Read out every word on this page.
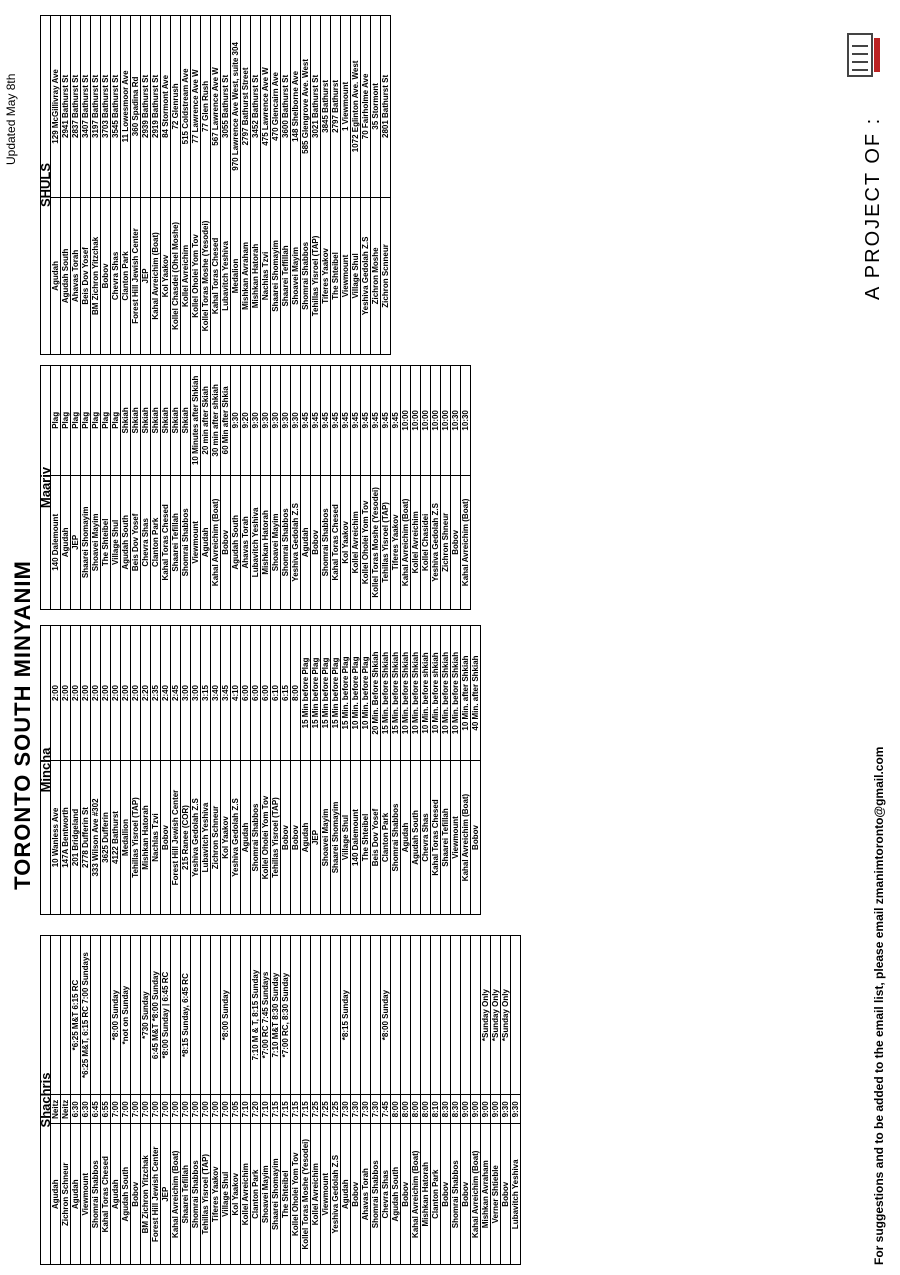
TORONTO SOUTH MINYANIM
Updated May 8th
Shachris		
Agudah	Neitz	
Zichron Schneur	Neitz	
Agudah	6:30	*6:25 M&T 6:15 RC
Viewmount	6:30	*6:25 M&T, 6:15 RC 7:00 Sundays
Shomrai Shabbos	6:45	
Kahal Toras Chesed	6:55	
Agudah	7:00	*8:00 Sunday
Agudah South	7:00	*not on Sunday
Bobov	7:00	
BM Zichron Yitzchak	7:00	*730 Sunday
Forest Hill Jewish Center	7:00	6:45 M&T *8:00 Sunday
JEP	7:00	*8:00 Sunday | 6:45 RC
Kahal Avreichim (Boat)	7:00	
Shaarei Tefillah	7:00	*8:15 Sunday, 6:45 RC
Shomrai Shabbos	7:00	
Tehillas Yisroel (TAP)	7:00	
Tiferes Yaakov	7:00	
Village Shul	7:00	*8:00 Sunday
Kol Yaakov	7:05	
Kollel Avreichim	7:10	
Clanton Park	7:20	7:10 M & T, 8:15 Sunday
Shoavei Mayim	7:10	*7:00 RC 7:45 Sundays
Shaarei Shomayim	7:15	7:10 M&T 8:30 Sunday
The Shteibel	7:15	*7:00 RC, 8:30 Sunday
Kollel Oholei Yom Tov	7:15	
Kollel Toras Moshe (Yesodei)	7:15	
Kollel Avreichim	7:25	
Viewmount	7:25	
Yeshiva Gedolah Z.S	7:25	
Agudah	7:30	*8:15 Sunday
Bobov	7:30	
Ahavas Torah	7:30	
Shomrai Shabbos	7:30	
Chevra Shas	7:45	*8:00 Sunday
Agudah South	8:00	
Bobov	8:00	
Kahal Avreichim (Boat)	8:00	
Mishkan Hatorah	8:00	
Clanton Park	8:10	
Bobov	8:30	
Shomrai Shabbos	8:30	
Bobov	9:00	
Kahal Avreichim (Boat)	9:00	
Mishkan Avraham	9:00	*Sunday Only
Verner Shtieble	9:00	*Sunday Only
Bobov	9:30	*Sunday Only
Lubavitch Yeshiva	9:30	
Mincha	
10 Wanless Ave	2:00
147A Bentworth	2:00
201 Bridgeland	2:00
2778 Dufferin St	2:00
333 Wilson Ave #302	2:00
3625 Dufferin	2:00
4122 Bathurst	2:00
Medallion	2:00
Tehillas Yisroel (TAP)	2:00
Mishkan Hatorah	2:20
Nachlas Tzvi	2:35
Bobov	2:40
Forest Hill Jewish Center	2:45
215 Ranee (COR)	3:00
Yeshiva Gedolah Z.S	3:00
Lubavitch Yeshiva	3:15
Zichron Schneur	3:40
Kol Yaakov	3:45
Yeshiva Gedolah Z.S	4:10
Agudah	6:00
Shomrai Shabbos	6:00
Kollel Oholei Yom Tov	6:00
Tehillas Yisroel (TAP)	6:10
Bobov	6:15
Bobov	8:00
Agudah	15 Min before Plag
JEP	15 Min before Plag
Shoavei Mayim	15 Min before Plag
Shaarei Shomayim	15 Min before Plag
Village Shul	15 Min. before Plag
140 Dalemount	10 Min. before Plag
The Shteibel	10 Min. before Plag
Beis Dov Yosef	20 Min. Before Shkiah
Clanton Park	15 Min. before Shkiah
Shomrai Shabbos	15 Min. before Shkiah
Agudah	10 Min. before Shkiah
Agudah South	10 Min. before Shkiah
Chevra Shas	10 Min. before shkiah
Kahal Toras Chesed	10 Min. before shkiah
Shaarei Tefillah	10 Min. before Shkiah
Viewmount	10 Min. before Shkiah
Kahal Avreichim (Boat)	10 Min. after Shkiah
Bobov	40 Min. after Shkiah
Maariv	
140 Dalemount	Plag
Agudah	Plag
JEP	Plag
Shaarei Shomayim	Plag
Shoavei Mayim	Plag
The Shteibel	Plag
Village Shul	Plag
Agudah South	Shkiah
Beis Dov Yosef	Shkiah
Chevra Shas	Shkiah
Clanton Park	Shkiah
Kahal Toras Chesed	Shkiah
Shaarei Tefillah	Shkiah
Shomrai Shabbos	Shkiah
Viewmount	10 Minutes after Shkiah
Agudah	20 min after Skiah
Kahal Avreichim (Boat)	30 min after shkiah
Bobov	60 Min after Shkia
Agudah South	9:30
Ahavas Torah	9:20
Lubavitch Yeshiva	9:30
Mishkan Hatorah	9:30
Shoavei Mayim	9:30
Shomrai Shabbos	9:30
Yeshiva Gedolah Z.S	9:30
Agudah	9:45
Bobov	9:45
Shomrai Shabbos	9:45
Kahal Toras Chesed	9:45
Kol Yaakov	9:45
Kollel Avreichim	9:45
Kollel Oholei Yom Tov	9:45
Kollel Toras Moshe (Yesodei)	9:45
Tehillas Yisroel (TAP)	9:45
Tiferes Yaakov	9:45
Kahal Avreichim (Boat)	10:00
Kollel Avreichim	10:00
Kollel Chasidei	10:00
Yeshiva Gedolah Z.S	10:00
Zichron Shneur	10:00
Bobov	10:30
Kahal Avreichim (Boat)	10:30
SHULS	
Agudah	129 McGillivray Ave
Agudah South	2941 Bathurst St
Ahavas Torah	2837 Bathurst St
Beis Dov Yosef	3407 Bathurst St
BM Zichron Yitzchak	3197 Bathurst St
Bobov	3703 Bathurst St
Chevra Shas	3545 Bathurst St
Clanton Park	11 Lowesmoor Ave
Forest Hill Jewish Center	360 Spadina Rd
JEP	2939 Bathurst St
Kahal Avreichim (Boat)	2919 Bathurst St
Kol Yaakov	84 Stormont Ave
Kollel Chasdei (Ohel Moshe)	72 Glenrush
Kollel Avreichim	515 Coldstream Ave
Kollel Oholei Yom Tov	77 Lawrence Ave W
Kollel Toras Moshe (Yesodei)	77 Glen Rush
Kahal Toras Chesed	567 Lawrence Ave W
Lubavitch Yeshiva	3055 Bathurst St
Medalion	970 Lawrence Ave West, suite 304
Mishkan Avraham	2797 Bathurst Street
Mishkan Hatorah	3452 Bathurst St
Nachlas Tzvi	475 Lawrence Ave W
Shaarei Shomayim	470 Glencairn Ave
Shaarei Teffillah	3600 Bathurst St
Shoavei Mayim	148 Shelborne Ave
Shomrai Shabbos	585 Glengrove Ave. West
Tehillas Yisroel (TAP)	3021 Bathurst St
Tiferes Yaakov	3845 Bathurst
The Shteibel	2797 Bathurst
Viewmount	1 Viewmount
Village Shul	1072 Eglinton Ave. West
Yeshiva Gedolah Z.S	70 Fairholme Ave
Zichron Moshe	35 Stormont
Zichron Scnneur	2801 Bathurst St
A PROJECT OF :
For suggestions and to be added to the email list, please email zmanimtoronto@gmail.com
